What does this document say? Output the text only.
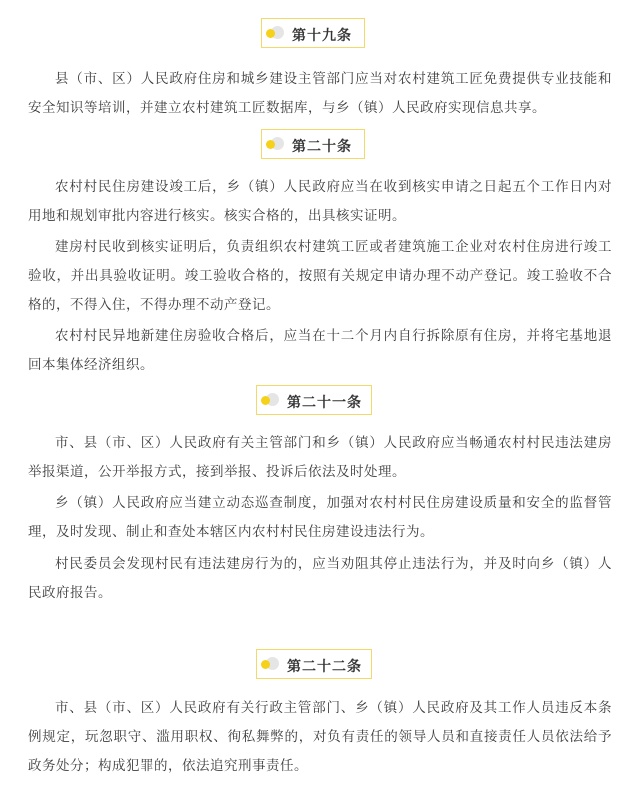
第十九条

县（市、区）人民政府住房和城乡建设主管部门应当对农村建筑工匠免费提供专业技能和安全知识等培训，并建立农村建筑工匠数据库，与乡（镇）人民政府实现信息共享。

第二十条

农村村民住房建设竣工后，乡（镇）人民政府应当在收到核实申请之日起五个工作日内对用地和规划审批内容进行核实。核实合格的，出具核实证明。

建房村民收到核实证明后，负责组织农村建筑工匠或者建筑施工企业对农村住房进行竣工验收，并出具验收证明。竣工验收合格的，按照有关规定申请办理不动产登记。竣工验收不合格的，不得入住，不得办理不动产登记。

农村村民异地新建住房验收合格后，应当在十二个月内自行拆除原有住房，并将宅基地退回本集体经济组织。

第二十一条

市、县（市、区）人民政府有关主管部门和乡（镇）人民政府应当畅通农村村民违法建房举报渠道，公开举报方式，接到举报、投诉后依法及时处理。

乡（镇）人民政府应当建立动态巡查制度，加强对农村村民住房建设质量和安全的监督管理，及时发现、制止和查处本辖区内农村村民住房建设违法行为。

村民委员会发现村民有违法建房行为的，应当劝阻其停止违法行为，并及时向乡（镇）人民政府报告。

第二十二条

市、县（市、区）人民政府有关行政主管部门、乡（镇）人民政府及其工作人员违反本条例规定，玩忽职守、滥用职权、徇私舞弊的，对负有责任的领导人员和直接责任人员依法给予政务处分；构成犯罪的，依法追究刑事责任。
